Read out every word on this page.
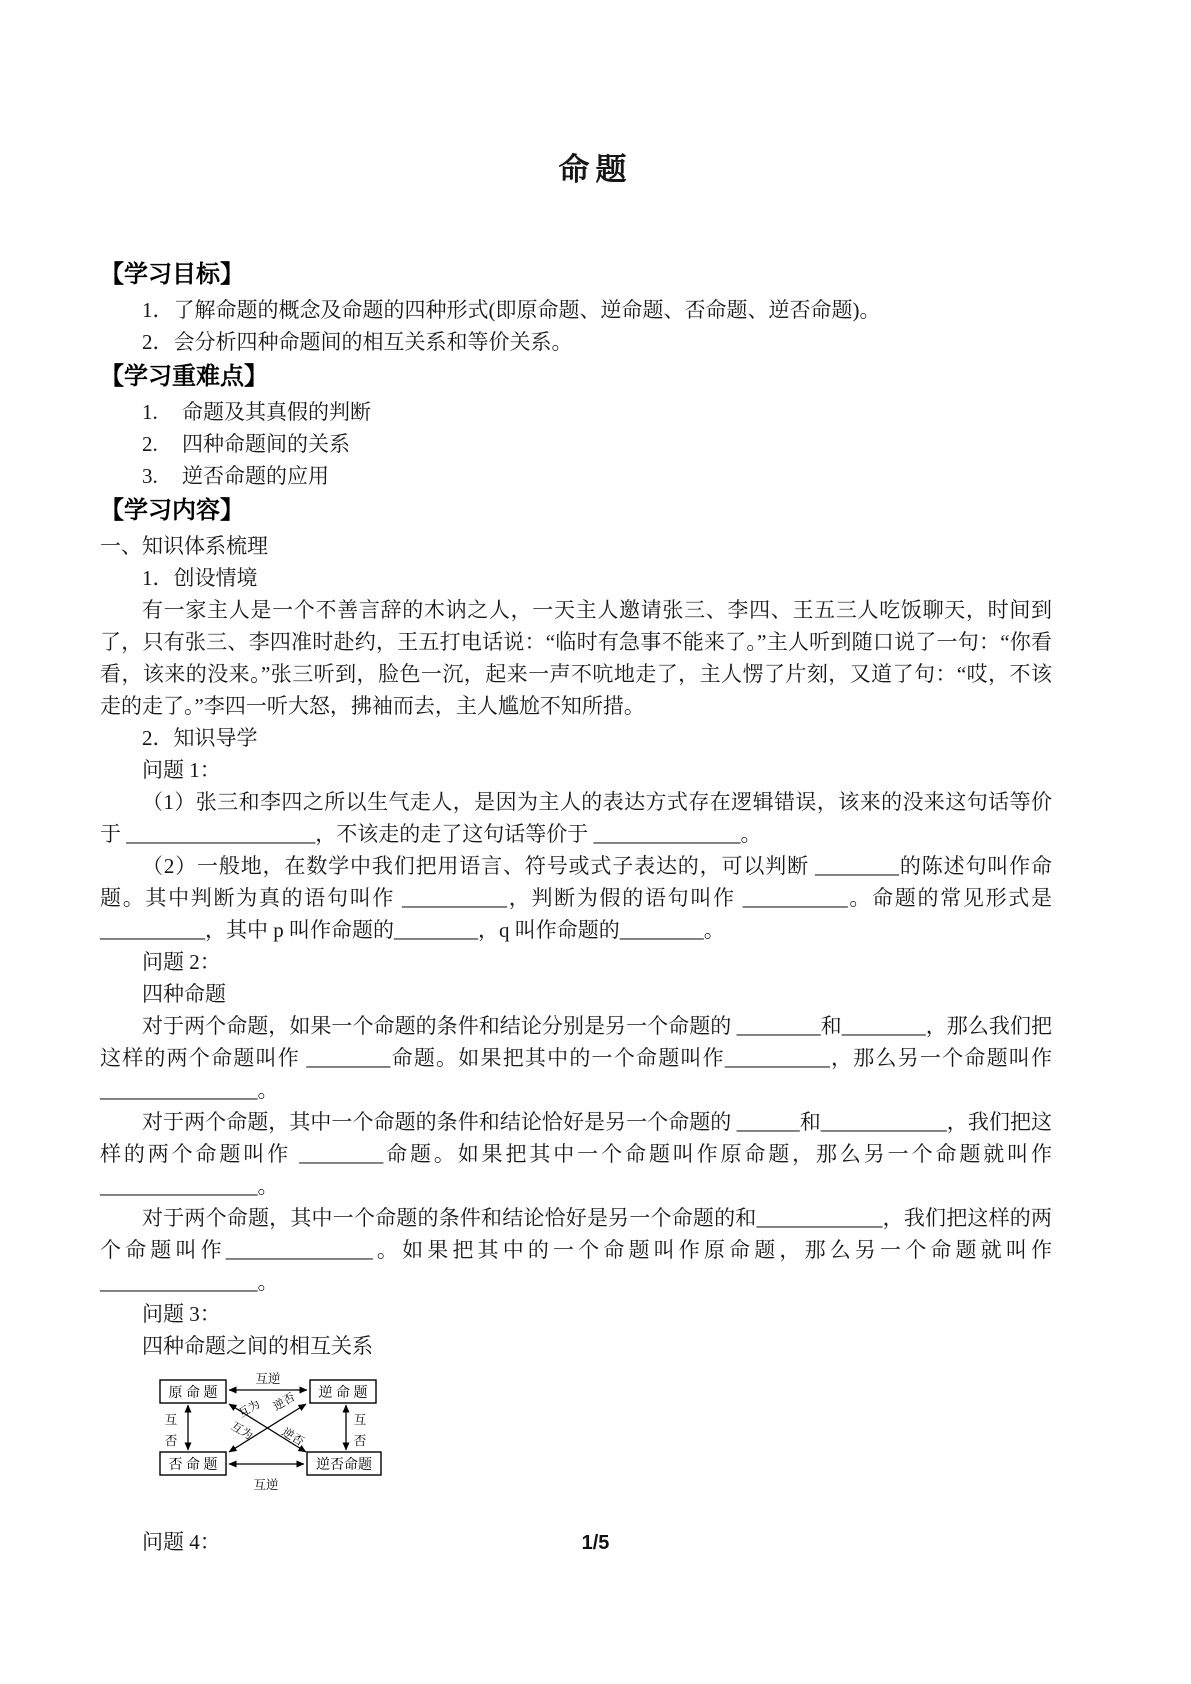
命题
【学习目标】

1．了解命题的概念及命题的四种形式(即原命题、逆命题、否命题、逆否命题)。

2．会分析四种命题间的相互关系和等价关系。

【学习重难点】

1. 命题及其真假的判断

2. 四种命题间的关系

3. 逆否命题的应用

【学习内容】

一、知识体系梳理

1．创设情境

有一家主人是一个不善言辞的木讷之人，一天主人邀请张三、李四、王五三人吃饭聊天，时间到了，只有张三、李四准时赴约，王五打电话说：“临时有急事不能来了。”主人听到随口说了一句：“你看看，该来的没来。”张三听到，脸色一沉，起来一声不吭地走了，主人愣了片刻，又道了句：“哎，不该走的走了。”李四一听大怒，拂袖而去，主人尴尬不知所措。

2．知识导学

问题 1：

（1）张三和李四之所以生气走人，是因为主人的表达方式存在逻辑错误，该来的没来这句话等价于 __________________，不该走的走了这句话等价于 ______________。

（2）一般地，在数学中我们把用语言、符号或式子表达的，可以判断 ________的陈述句叫作命题。其中判断为真的语句叫作 __________，判断为假的语句叫作 __________。命题的常见形式是 __________，其中 p 叫作命题的________，q 叫作命题的________。

问题 2：

四种命题

对于两个命题，如果一个命题的条件和结论分别是另一个命题的 ________和________，那么我们把这样的两个命题叫作 ________命题。如果把其中的一个命题叫作__________，那么另一个命题叫作 _______________。

对于两个命题，其中一个命题的条件和结论恰好是另一个命题的 ______和____________，我们把这样的两个命题叫作 ________命题。如果把其中一个命题叫作原命题，那么另一个命题就叫作 _______________。

对于两个命题，其中一个命题的条件和结论恰好是另一个命题的和____________，我们把这样的两个命题叫作______________。如果把其中的一个命题叫作原命题，那么另一个命题就叫作_______________。

问题 3：

四种命题之间的相互关系

原 命 题	逆 命 题
否 命 题	逆否命题
互逆
互逆
互
否
互
否
互为 逆否
互为 逆否

问题 4：	1/5
